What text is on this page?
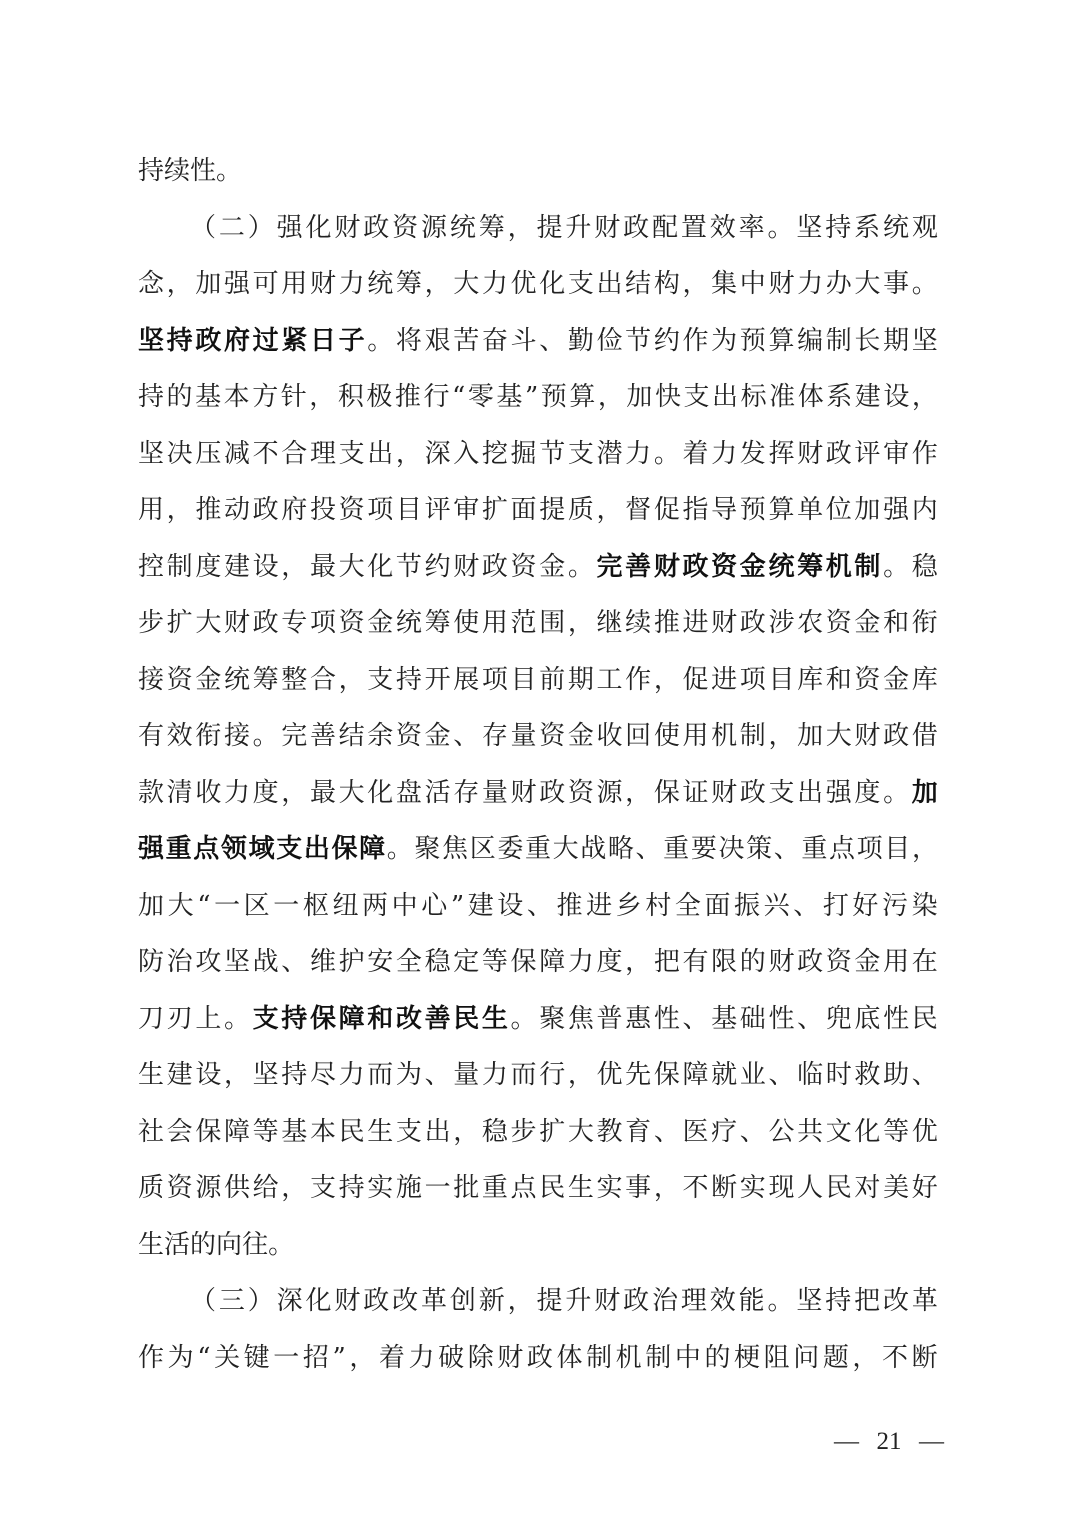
持 续 性 。
（ 二 ） 强 化 财 政 资 源 统 筹 ， 提 升 财 政 配 置 效 率 。 坚 持 系 统 观
念 ， 加 强 可 用 财 力 统 筹 ， 大 力 优 化 支 出 结 构 ， 集 中 财 力 办 大 事 。
坚 持 政 府 过 紧 日 子 。 将 艰 苦 奋 斗 、 勤 俭 节 约 作 为 预 算 编 制 长 期 坚
持 的 基 本 方 针 ， 积 极 推 行 “ 零 基 ” 预 算 ， 加 快 支 出 标 准 体 系 建 设 ，
坚 决 压 减 不 合 理 支 出 ， 深 入 挖 掘 节 支 潜 力 。 着 力 发 挥 财 政 评 审 作
用 ， 推 动 政 府 投 资 项 目 评 审 扩 面 提 质 ， 督 促 指 导 预 算 单 位 加 强 内
控 制 度 建 设 ， 最 大 化 节 约 财 政 资 金 。 完 善 财 政 资 金 统 筹 机 制 。 稳
步 扩 大 财 政 专 项 资 金 统 筹 使 用 范 围 ， 继 续 推 进 财 政 涉 农 资 金 和 衔
接 资 金 统 筹 整 合 ， 支 持 开 展 项 目 前 期 工 作 ， 促 进 项 目 库 和 资 金 库
有 效 衔 接 。 完 善 结 余 资 金 、 存 量 资 金 收 回 使 用 机 制 ， 加 大 财 政 借
款 清 收 力 度 ， 最 大 化 盘 活 存 量 财 政 资 源 ， 保 证 财 政 支 出 强 度 。 加
强 重 点 领 域 支 出 保 障 。 聚 焦 区 委 重 大 战 略 、 重 要 决 策 、 重 点 项 目 ，
加 大 “ 一 区 一 枢 纽 两 中 心 ” 建 设 、 推 进 乡 村 全 面 振 兴 、 打 好 污 染
防 治 攻 坚 战 、 维 护 安 全 稳 定 等 保 障 力 度 ， 把 有 限 的 财 政 资 金 用 在
刀 刃 上 。 支 持 保 障 和 改 善 民 生 。 聚 焦 普 惠 性 、 基 础 性 、 兜 底 性 民
生 建 设 ， 坚 持 尽 力 而 为 、 量 力 而 行 ， 优 先 保 障 就 业 、 临 时 救 助 、
社 会 保 障 等 基 本 民 生 支 出 ， 稳 步 扩 大 教 育 、 医 疗 、 公 共 文 化 等 优
质 资 源 供 给 ， 支 持 实 施 一 批 重 点 民 生 实 事 ， 不 断 实 现 人 民 对 美 好
生 活 的 向 往 。
（ 三 ） 深 化 财 政 改 革 创 新 ， 提 升 财 政 治 理 效 能 。 坚 持 把 改 革
作 为 “ 关 键 一 招 ” ， 着 力 破 除 财 政 体 制 机 制 中 的 梗 阻 问 题 ， 不 断
— 21 —
